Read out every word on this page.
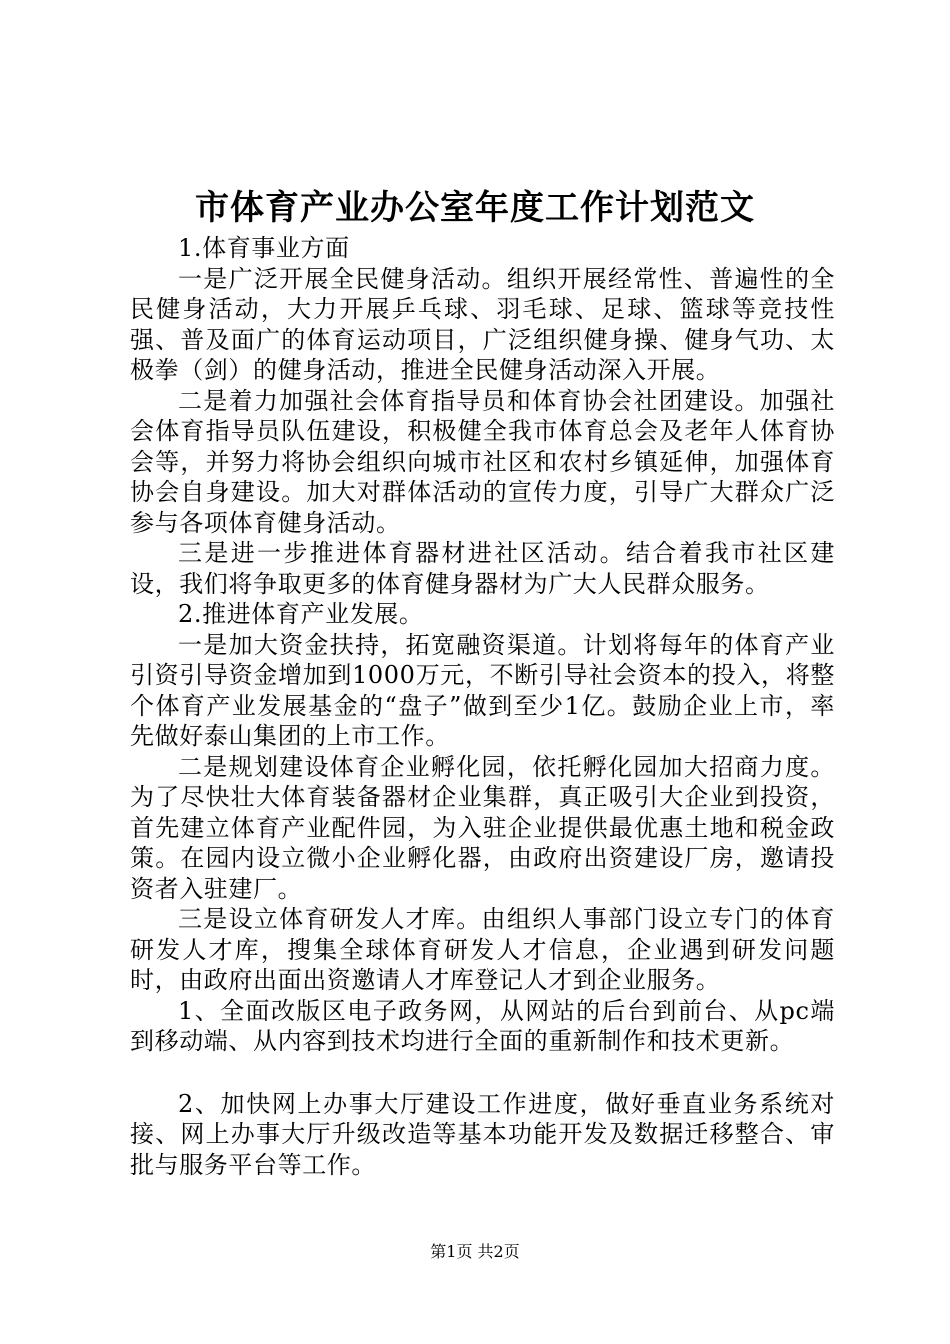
市体育产业办公室年度工作计划范文

1.体育事业方面

一是广泛开展全民健身活动。组织开展经常性、普遍性的全民健身活动，大力开展乒乓球、羽毛球、足球、篮球等竞技性强、普及面广的体育运动项目，广泛组织健身操、健身气功、太极拳（剑）的健身活动，推进全民健身活动深入开展。

二是着力加强社会体育指导员和体育协会社团建设。加强社会体育指导员队伍建设，积极健全我市体育总会及老年人体育协会等，并努力将协会组织向城市社区和农村乡镇延伸，加强体育协会自身建设。加大对群体活动的宣传力度，引导广大群众广泛参与各项体育健身活动。

三是进一步推进体育器材进社区活动。结合着我市社区建设，我们将争取更多的体育健身器材为广大人民群众服务。

2.推进体育产业发展。

一是加大资金扶持，拓宽融资渠道。计划将每年的体育产业引资引导资金增加到1000万元，不断引导社会资本的投入，将整个体育产业发展基金的“盘子”做到至少1亿。鼓励企业上市，率先做好泰山集团的上市工作。

二是规划建设体育企业孵化园，依托孵化园加大招商力度。为了尽快壮大体育装备器材企业集群，真正吸引大企业到投资，首先建立体育产业配件园，为入驻企业提供最优惠土地和税金政策。在园内设立微小企业孵化器，由政府出资建设厂房，邀请投资者入驻建厂。

三是设立体育研发人才库。由组织人事部门设立专门的体育研发人才库，搜集全球体育研发人才信息，企业遇到研发问题时，由政府出面出资邀请人才库登记人才到企业服务。

1、全面改版区电子政务网，从网站的后台到前台、从pc端到移动端、从内容到技术均进行全面的重新制作和技术更新。

2、加快网上办事大厅建设工作进度，做好垂直业务系统对接、网上办事大厅升级改造等基本功能开发及数据迁移整合、审批与服务平台等工作。

第1页 共2页
